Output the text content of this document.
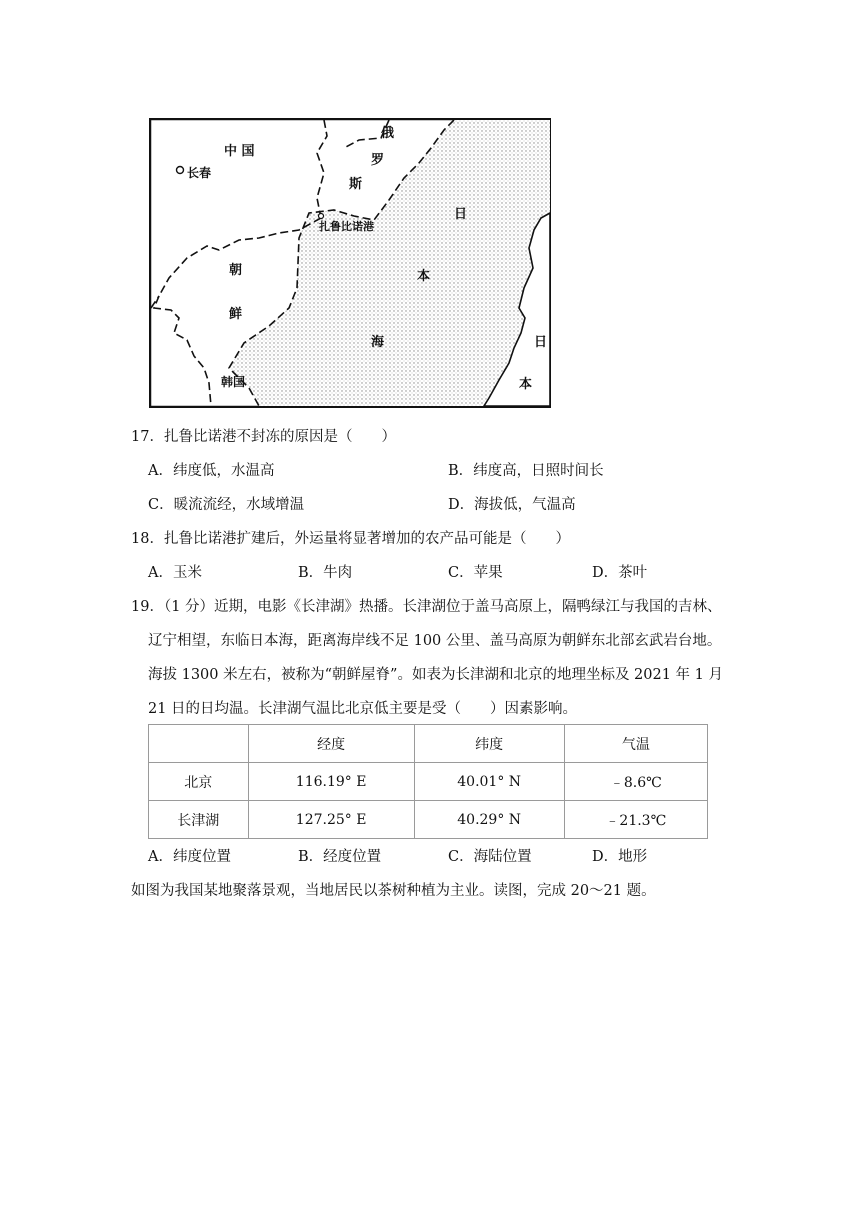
中 国
长春
俄
罗
斯
扎鲁比诺港
朝
鲜
韩国
日
本
海	日
本
17．扎鲁比诺港不封冻的原因是（　　）
A．纬度低，水温高	B．纬度高，日照时间长
C．暖流流经，水域增温	D．海拔低，气温高
18．扎鲁比诺港扩建后，外运量将显著增加的农产品可能是（　　）
A．玉米	B．牛肉	C．苹果	D．茶叶
19．（1 分）近期，电影《长津湖》热播。长津湖位于盖马高原上，隔鸭绿江与我国的吉林、
辽宁相望，东临日本海，距离海岸线不足 100 公里、盖马高原为朝鲜东北部玄武岩台地。
海拔 1300 米左右，被称为“朝鲜屋脊”。如表为长津湖和北京的地理坐标及 2021 年 1 月
21 日的日均温。长津湖气温比北京低主要是受（　　）因素影响。
	经度	纬度	气温
北京	116.19° E	40.01° N	﹣8.6℃
长津湖	127.25° E	40.29° N	﹣21.3℃
A．纬度位置	B．经度位置	C．海陆位置	D．地形
如图为我国某地聚落景观，当地居民以茶树种植为主业。读图，完成 20～21 题。
